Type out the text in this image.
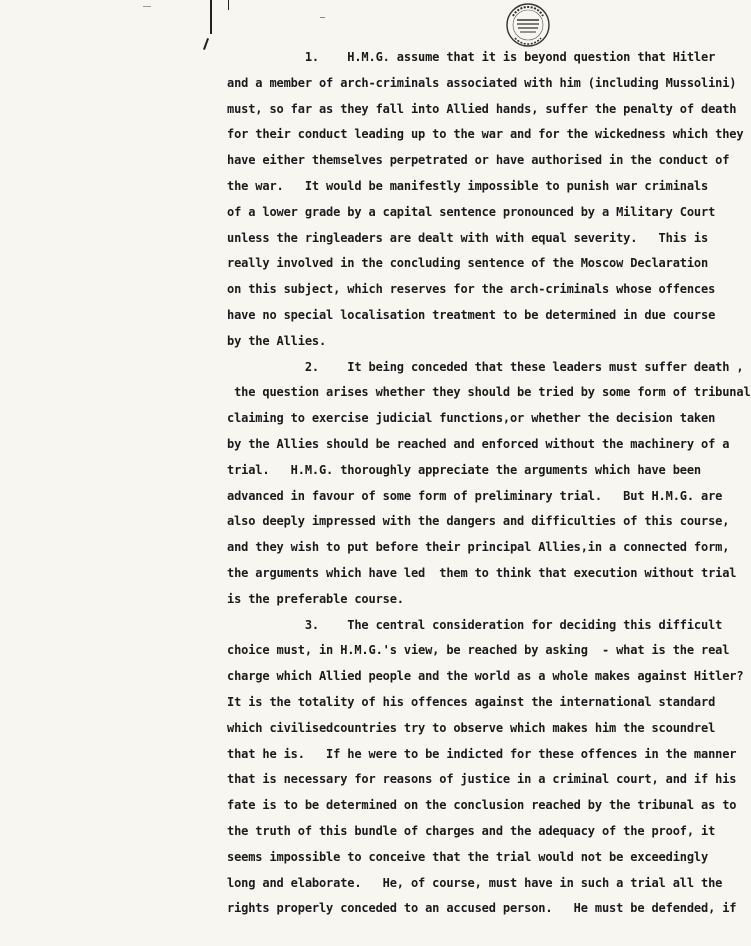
1.    H.M.G. assume that it is beyond question that Hitler
and a member of arch-criminals associated with him (including Mussolini)
must, so far as they fall into Allied hands, suffer the penalty of death
for their conduct leading up to the war and for the wickedness which they
have either themselves perpetrated or have authorised in the conduct of
the war.   It would be manifestly impossible to punish war criminals
of a lower grade by a capital sentence pronounced by a Military Court
unless the ringleaders are dealt with with equal severity.   This is
really involved in the concluding sentence of the Moscow Declaration
on this subject, which reserves for the arch-criminals whose offences
have no special localisation treatment to be determined in due course
by the Allies.
2.    It being conceded that these leaders must suffer death ,
the question arises whether they should be tried by some form of tribunal
claiming to exercise judicial functions,or whether the decision taken
by the Allies should be reached and enforced without the machinery of a
trial.   H.M.G. thoroughly appreciate the arguments which have been
advanced in favour of some form of preliminary trial.   But H.M.G. are
also deeply impressed with the dangers and difficulties of this course,
and they wish to put before their principal Allies,in a connected form,
the arguments which have led  them to think that execution without trial
is the preferable course.
3.    The central consideration for deciding this difficult
choice must, in H.M.G.'s view, be reached by asking  - what is the real
charge which Allied people and the world as a whole makes against Hitler?
It is the totality of his offences against the international standard
which civilisedcountries try to observe which makes him the scoundrel
that he is.   If he were to be indicted for these offences in the manner
that is necessary for reasons of justice in a criminal court, and if his
fate is to be determined on the conclusion reached by the tribunal as to
the truth of this bundle of charges and the adequacy of the proof, it
seems impossible to conceive that the trial would not be exceedingly
long and elaborate.   He, of course, must have in such a trial all the
rights properly conceded to an accused person.   He must be defended, if
